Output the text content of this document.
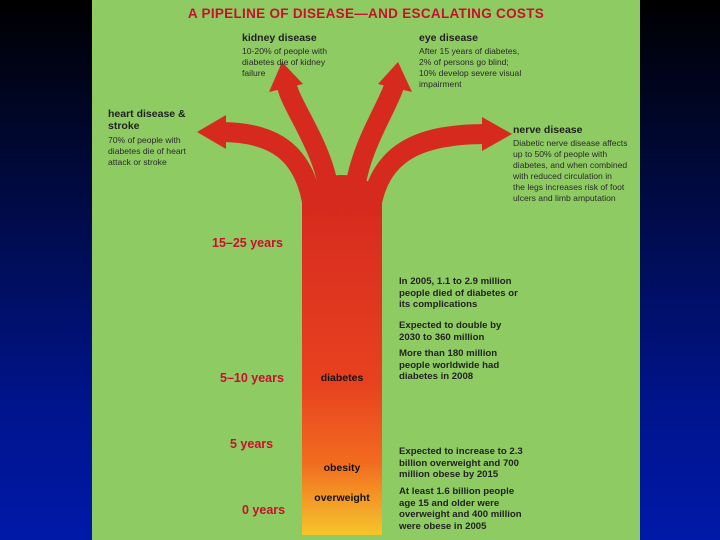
A PIPELINE OF DISEASE—AND ESCALATING COSTS

heart disease &
stroke
70% of people with
diabetes die of heart
attack or stroke
kidney disease
10-20% of people with
diabetes die of kidney
failure
eye disease
After 15 years of diabetes,
2% of persons go blind;
10% develop severe visual
impairment
nerve disease
Diabetic nerve disease affects
up to 50% of people with
diabetes, and when combined
with reduced circulation in
the legs increases risk of foot
ulcers and limb amputation
15–25 years
5–10 years
5 years
0 years
diabetes
obesity
overweight
In 2005, 1.1 to 2.9 million
people died of diabetes or
its complications
Expected to double by
2030 to 360 million
More than 180 million
people worldwide had
diabetes in 2008
Expected to increase to 2.3
billion overweight and 700
million obese by 2015
At least 1.6 billion people
age 15 and older were
overweight and 400 million
were obese in 2005
